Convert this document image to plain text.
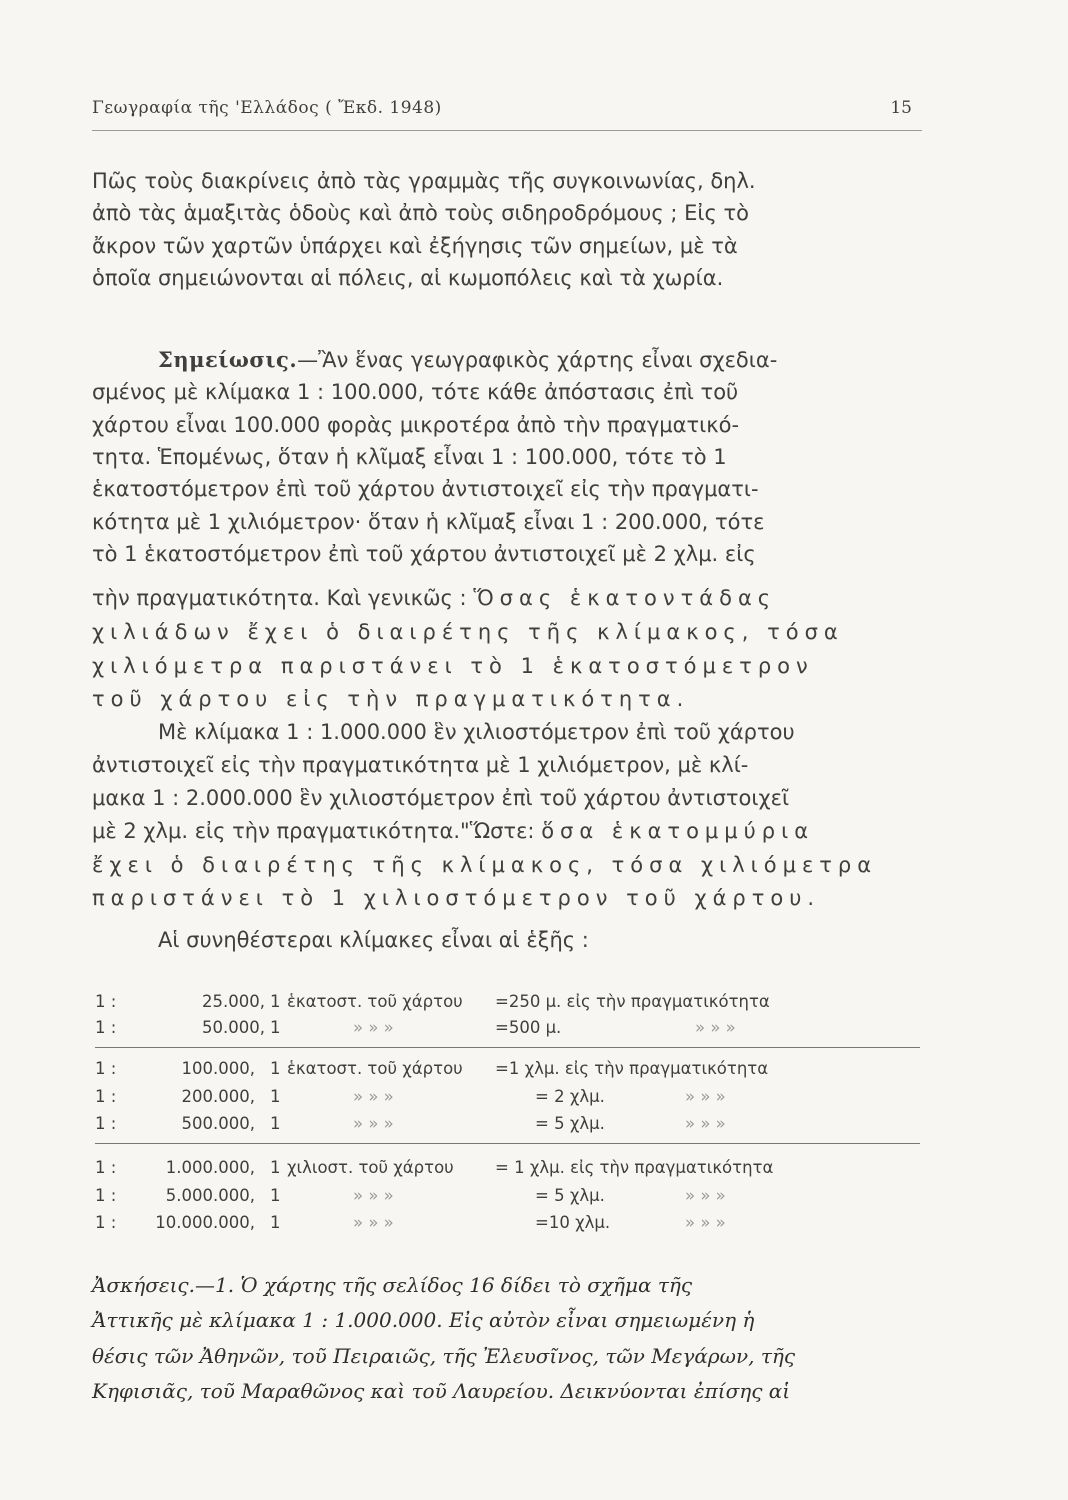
Γεωγραφία τῆς 'Ελλάδος ( Ἔκδ. 1948)	15
Πῶς τοὺς διακρίνεις ἀπὸ τὰς γραμμὰς τῆς συγκοινωνίας, δηλ.
ἀπὸ τὰς ἁμαξιτὰς ὁδοὺς καὶ ἀπὸ τοὺς σιδηροδρόμους ; Εἰς τὸ
ἄκρον τῶν χαρτῶν ὑπάρχει καὶ ἐξήγησις τῶν σημείων, μὲ τὰ
ὁποῖα σημειώνονται αἱ πόλεις, αἱ κωμοπόλεις καὶ τὰ χωρία.
Σημείωσις.—Ἂν ἕνας γεωγραφικὸς χάρτης εἶναι σχεδια-
σμένος μὲ κλίμακα 1 : 100.000, τότε κάθε ἀπόστασις ἐπὶ τοῦ
χάρτου εἶναι 100.000 φορὰς μικροτέρα ἀπὸ τὴν πραγματικό-
τητα. Ἑπομένως, ὅταν ἡ κλῖμαξ εἶναι 1 : 100.000, τότε τὸ 1
ἑκατοστόμετρον ἐπὶ τοῦ χάρτου ἀντιστοιχεῖ εἰς τὴν πραγματι-
κότητα μὲ 1 χιλιόμετρον· ὅταν ἡ κλῖμαξ εἶναι 1 : 200.000, τότε
τὸ 1 ἑκατοστόμετρον ἐπὶ τοῦ χάρτου ἀντιστοιχεῖ μὲ 2 χλμ. εἰς
τὴν πραγματικότητα. Καὶ γενικῶς : Ὅσας ἑκατοντάδας
χιλιάδων ἔχει ὁ διαιρέτης τῆς κλίμακος, τόσα
χιλιόμετρα παριστάνει τὸ 1 ἑκατοστόμετρον
τοῦ χάρτου εἰς τὴν πραγματικότητα.
Μὲ κλίμακα 1 : 1.000.000 ἓν χιλιοστόμετρον ἐπὶ τοῦ χάρτου
ἀντιστοιχεῖ εἰς τὴν πραγματικότητα μὲ 1 χιλιόμετρον, μὲ κλί-
μακα 1 : 2.000.000 ἓν χιλιοστόμετρον ἐπὶ τοῦ χάρτου ἀντιστοιχεῖ
μὲ 2 χλμ. εἰς τὴν πραγματικότητα."Ὥστε: ὅσα ἑκατομμύρια
ἔχει ὁ διαιρέτης τῆς κλίμακος, τόσα χιλιόμετρα
παριστάνει τὸ 1 χιλιοστόμετρον τοῦ χάρτου.
Αἱ συνηθέστεραι κλίμακες εἶναι αἱ ἑξῆς :
1 :	25.000, 1 ἑκατοστ. τοῦ χάρτου =250 μ. εἰς τὴν πραγματικότητα
1 :	50.000, 1	» » »	=500 μ.	» » »
1 :	100.000, 1 ἑκατοστ. τοῦ χάρτου =1 χλμ. εἰς τὴν πραγματικότητα
1 :	200.000, 1	» » »	= 2 χλμ.	» » »
1 :	500.000, 1	» » »	= 5 χλμ.	» » »
1 :	1.000.000, 1 χιλιοστ. τοῦ χάρτου	= 1 χλμ. εἰς τὴν πραγματικότητα
1 :	5.000.000, 1	» » »	= 5 χλμ.	» » »
1 :	10.000.000, 1	» » »	=10 χλμ.	» » »
Ἀσκήσεις.—1. Ὁ χάρτης τῆς σελίδος 16 δίδει τὸ σχῆμα τῆς
Ἀττικῆς μὲ κλίμακα 1 : 1.000.000. Εἰς αὐτὸν εἶναι σημειωμένη ἡ
θέσις τῶν Ἀθηνῶν, τοῦ Πειραιῶς, τῆς Ἐλευσῖνος, τῶν Μεγάρων, τῆς
Κηφισιᾶς, τοῦ Μαραθῶνος καὶ τοῦ Λαυρείου. Δεικνύονται ἐπίσης αἱ
